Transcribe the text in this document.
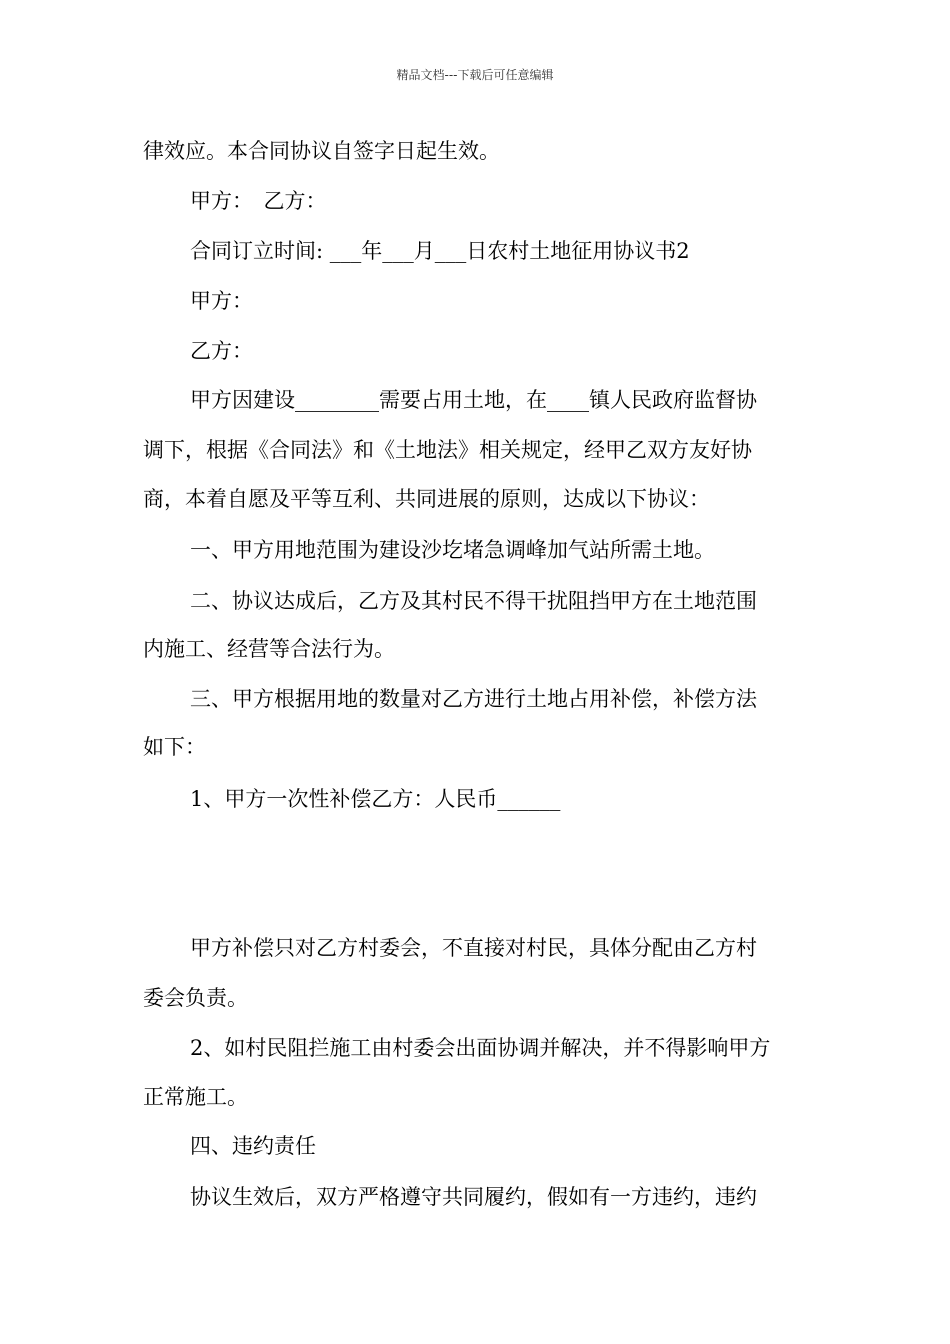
精品文档---下载后可任意编辑
律效应。本合同协议自签字日起生效。
甲方：　乙方：
合同订立时间: ___年___月___日农村土地征用协议书2
甲方：
乙方：
甲方因建设________需要占用土地，在____镇人民政府监督协
调下，根据《合同法》和《土地法》相关规定，经甲乙双方友好协
商，本着自愿及平等互利、共同进展的原则，达成以下协议：
一、甲方用地范围为建设沙圪堵急调峰加气站所需土地。
二、协议达成后，乙方及其村民不得干扰阻挡甲方在土地范围
内施工、经营等合法行为。
三、甲方根据用地的数量对乙方进行土地占用补偿，补偿方法
如下：
1、甲方一次性补偿乙方：人民币______
甲方补偿只对乙方村委会，不直接对村民，具体分配由乙方村
委会负责。
2、如村民阻拦施工由村委会出面协调并解决，并不得影响甲方
正常施工。
四、违约责任
协议生效后，双方严格遵守共同履约，假如有一方违约，违约
